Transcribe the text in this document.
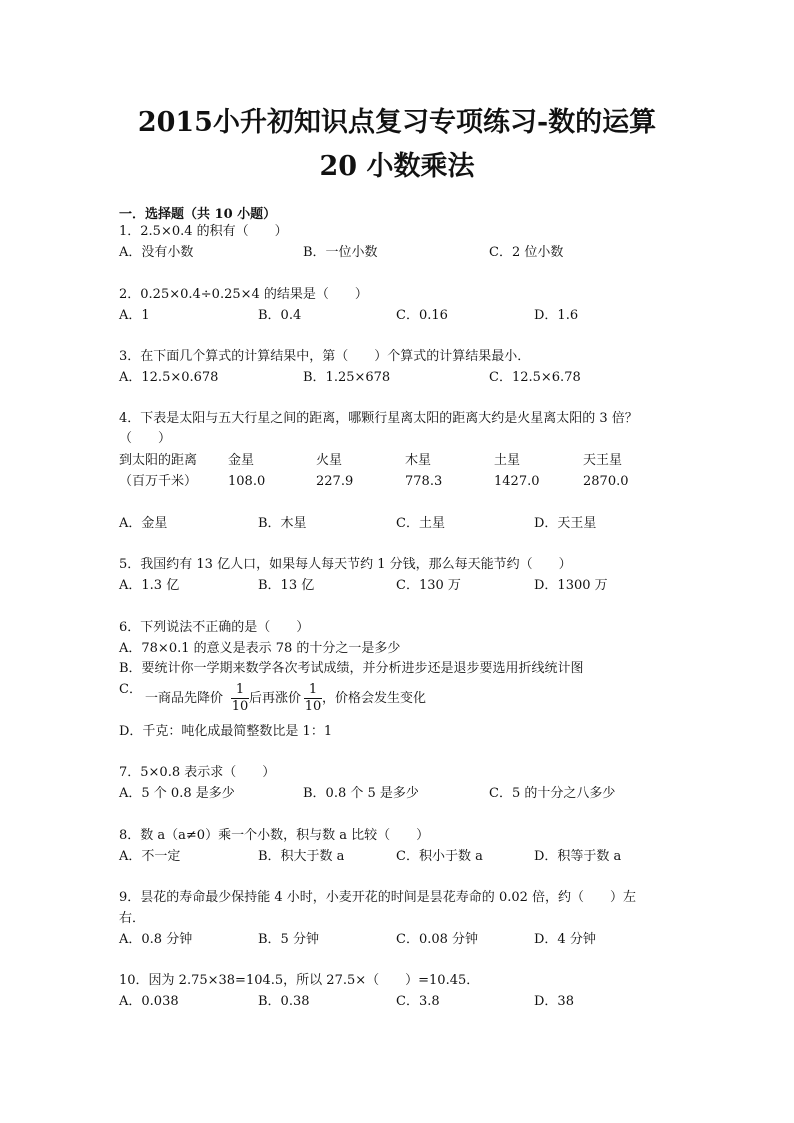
2015小升初知识点复习专项练习-数的运算
20 小数乘法
一．选择题（共 10 小题）
1．2.5×0.4 的积有（　　）
A．没有小数	B．一位小数	C．2 位小数
2．0.25×0.4÷0.25×4 的结果是（　　）
A．1	B．0.4	C．0.16	D．1.6
3．在下面几个算式的计算结果中，第（　　）个算式的计算结果最小．
A．12.5×0.678	B．1.25×678	C．12.5×6.78
4．下表是太阳与五大行星之间的距离，哪颗行星离太阳的距离大约是火星离太阳的 3 倍？
（　　）
到太阳的距离 金星	火星	木星	土星	天王星
（百万千米） 108.0	227.9	778.3	1427.0	2870.0
A．金星	B．木星	C．土星	D．天王星
5．我国约有 13 亿人口，如果每人每天节约 1 分钱，那么每天能节约（　　）
A．1.3 亿	B．13 亿	C．130 万	D．1300 万
6．下列说法不正确的是（　　）
A．78×0.1 的意义是表示 78 的十分之一是多少
B．要统计你一学期来数学各次考试成绩，并分析进步还是退步要选用折线统计图
C．
一商品先降价
1
10
后再涨价
1
10
，价格会发生变化
D．千克：吨化成最简整数比是 1：1
7．5×0.8 表示求（　　）
A．5 个 0.8 是多少	B．0.8 个 5 是多少	C．5 的十分之八多少
8．数 a（a≠0）乘一个小数，积与数 a 比较（　　）
A．不一定	B．积大于数 a	C．积小于数 a	D．积等于数 a
9．昙花的寿命最少保持能 4 小时，小麦开花的时间是昙花寿命的 0.02 倍，约（　　）左
右．
A．0.8 分钟	B．5 分钟	C．0.08 分钟	D．4 分钟
10．因为 2.75×38=104.5，所以 27.5×（　　）=10.45．
A．0.038	B．0.38	C．3.8	D．38
